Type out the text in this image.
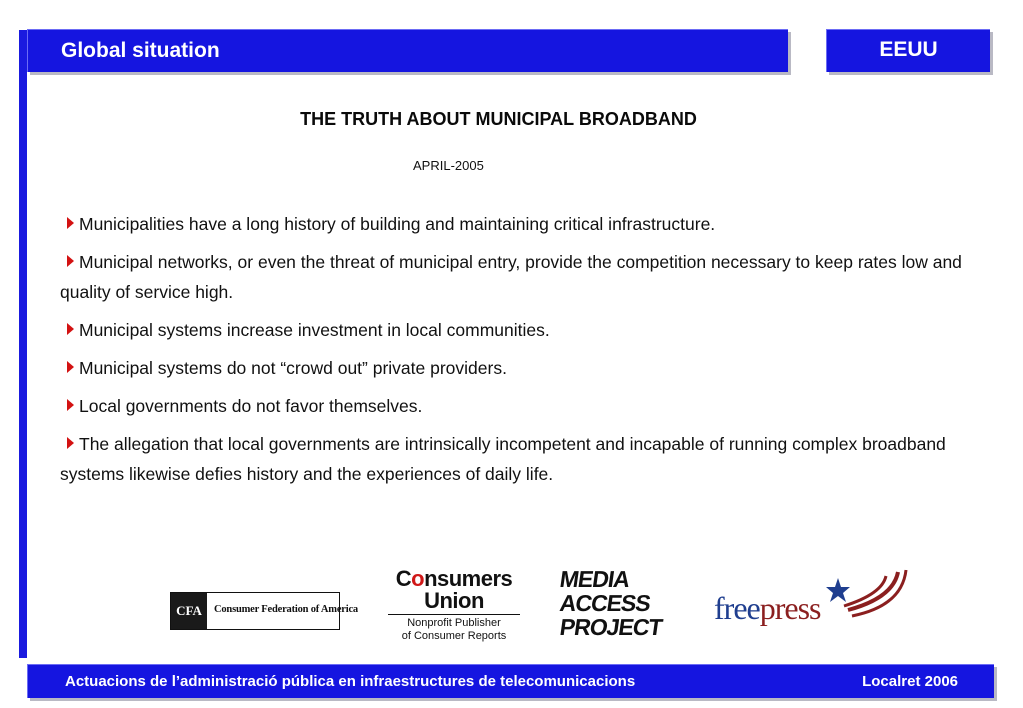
Global situation	EEUU
THE TRUTH ABOUT MUNICIPAL BROADBAND
APRIL-2005
Municipalities have a long history of building and maintaining critical infrastructure.
Municipal networks, or even the threat of municipal entry, provide the competition necessary to keep rates low and quality of service high.
Municipal systems increase investment in local communities.
Municipal systems do not “crowd out” private providers.
Local governments do not favor themselves.
The allegation that local governments are intrinsically incompetent and incapable of running complex broadband systems likewise defies history and the experiences of daily life.
CFA	Consumer Federation of America
Consumers
Union
Nonprofit Publisher
of Consumer Reports
MEDIA
ACCESS
PROJECT
freepress
Actuacions de l’administració pública en infraestructures de telecomunicacions	Localret 2006
